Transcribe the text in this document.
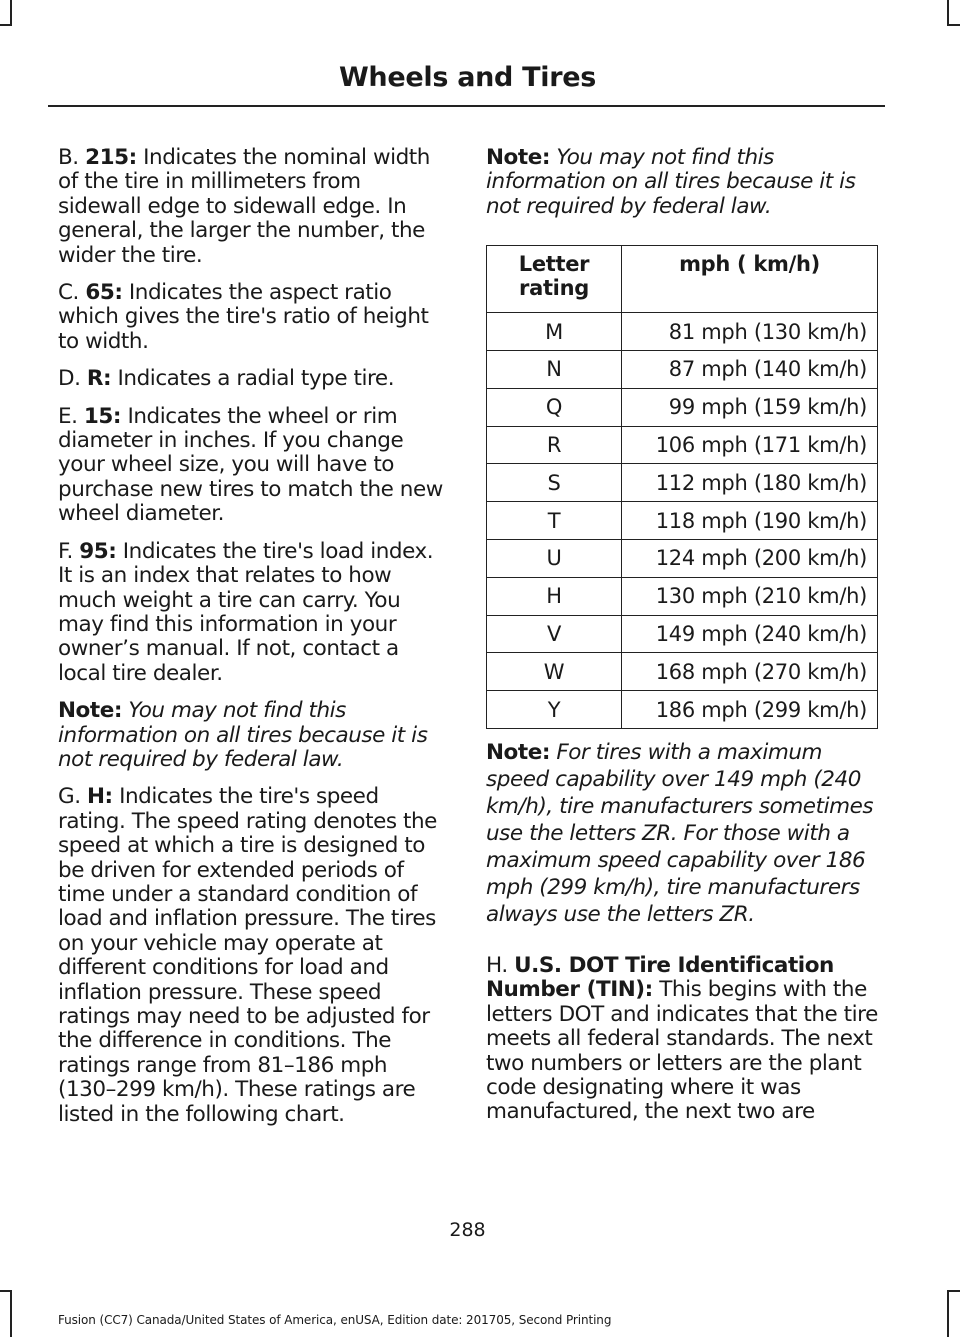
Wheels and Tires

B. 215: Indicates the nominal width of the tire in millimeters from sidewall edge to sidewall edge. In general, the larger the number, the wider the tire.

C. 65: Indicates the aspect ratio which gives the tire's ratio of height to width.

D. R: Indicates a radial type tire.

E. 15: Indicates the wheel or rim diameter in inches. If you change your wheel size, you will have to purchase new tires to match the new wheel diameter.

F. 95: Indicates the tire's load index. It is an index that relates to how much weight a tire can carry. You may find this information in your owner’s manual. If not, contact a local tire dealer.

Note: You may not find this information on all tires because it is not required by federal law.

G. H: Indicates the tire's speed rating. The speed rating denotes the speed at which a tire is designed to be driven for extended periods of time under a standard condition of load and inflation pressure. The tires on your vehicle may operate at different conditions for load and inflation pressure. These speed ratings may need to be adjusted for the difference in conditions. The ratings range from 81–186 mph (130–299 km/h). These ratings are listed in the following chart.

Note: You may not find this information on all tires because it is not required by federal law.

Letter rating	mph ( km/h)
M	81 mph (130 km/h)
N	87 mph (140 km/h)
Q	99 mph (159 km/h)
R	106 mph (171 km/h)
S	112 mph (180 km/h)
T	118 mph (190 km/h)
U	124 mph (200 km/h)
H	130 mph (210 km/h)
V	149 mph (240 km/h)
W	168 mph (270 km/h)
Y	186 mph (299 km/h)

Note: For tires with a maximum speed capability over 149 mph (240 km/h), tire manufacturers sometimes use the letters ZR. For those with a maximum speed capability over 186 mph (299 km/h), tire manufacturers always use the letters ZR.

H. U.S. DOT Tire Identification Number (TIN): This begins with the letters DOT and indicates that the tire meets all federal standards. The next two numbers or letters are the plant code designating where it was manufactured, the next two are

288
Fusion (CC7) Canada/United States of America, enUSA, Edition date: 201705, Second Printing
